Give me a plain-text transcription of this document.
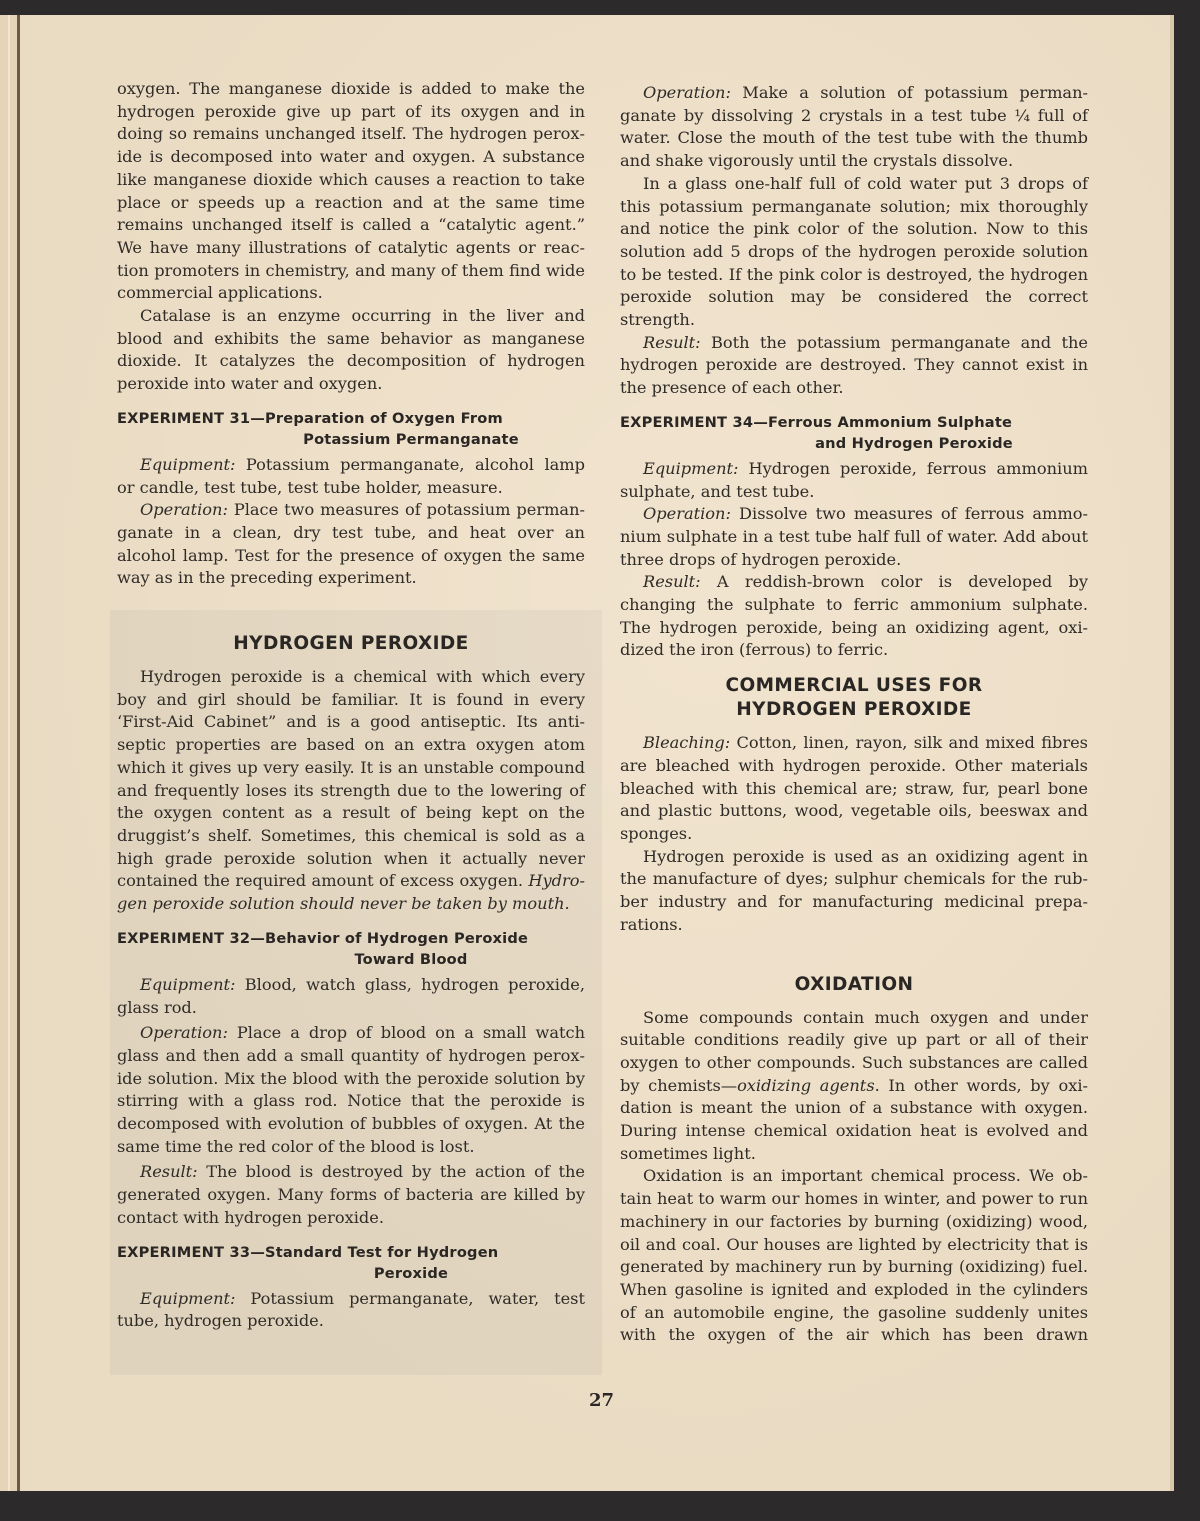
oxygen. The manganese dioxide is added to make the hydrogen peroxide give up part of its oxygen and in doing so remains unchanged itself. The hydrogen peroxide is decomposed into water and oxygen. A substance like manganese dioxide which causes a reaction to take place or speeds up a reaction and at the same time remains unchanged itself is called a “catalytic agent.” We have many illustrations of catalytic agents or reaction promoters in chemistry, and many of them find wide commercial applications.

Catalase is an enzyme occurring in the liver and blood and exhibits the same behavior as manganese dioxide. It catalyzes the decomposition of hydrogen peroxide into water and oxygen.

EXPERIMENT 31—Preparation of Oxygen From
Potassium Permanganate

Equipment: Potassium permanganate, alcohol lamp or candle, test tube, test tube holder, measure.

Operation: Place two measures of potassium permanganate in a clean, dry test tube, and heat over an alcohol lamp. Test for the presence of oxygen the same way as in the preceding experiment.

HYDROGEN PEROXIDE

Hydrogen peroxide is a chemical with which every boy and girl should be familiar. It is found in every ‘First-Aid Cabinet” and is a good antiseptic. Its antiseptic properties are based on an extra oxygen atom which it gives up very easily. It is an unstable compound and frequently loses its strength due to the lowering of the oxygen content as a result of being kept on the druggist’s shelf. Sometimes, this chemical is sold as a high grade peroxide solution when it actually never contained the required amount of excess oxygen. Hydrogen peroxide solution should never be taken by mouth.

EXPERIMENT 32—Behavior of Hydrogen Peroxide
Toward Blood

Equipment: Blood, watch glass, hydrogen peroxide, glass rod.

Operation: Place a drop of blood on a small watch glass and then add a small quantity of hydrogen peroxide solution. Mix the blood with the peroxide solution by stirring with a glass rod. Notice that the peroxide is decomposed with evolution of bubbles of oxygen. At the same time the red color of the blood is lost.

Result: The blood is destroyed by the action of the generated oxygen. Many forms of bacteria are killed by contact with hydrogen peroxide.

EXPERIMENT 33—Standard Test for Hydrogen
Peroxide

Equipment: Potassium permanganate, water, test tube, hydrogen peroxide.

Operation: Make a solution of potassium permanganate by dissolving 2 crystals in a test tube ¼ full of water. Close the mouth of the test tube with the thumb and shake vigorously until the crystals dissolve.

In a glass one-half full of cold water put 3 drops of this potassium permanganate solution; mix thoroughly and notice the pink color of the solution. Now to this solution add 5 drops of the hydrogen peroxide solution to be tested. If the pink color is destroyed, the hydrogen peroxide solution may be considered the correct strength.

Result: Both the potassium permanganate and the hydrogen peroxide are destroyed. They cannot exist in the presence of each other.

EXPERIMENT 34—Ferrous Ammonium Sulphate
and Hydrogen Peroxide

Equipment: Hydrogen peroxide, ferrous ammonium sulphate, and test tube.

Operation: Dissolve two measures of ferrous ammonium sulphate in a test tube half full of water. Add about three drops of hydrogen peroxide.

Result: A reddish-brown color is developed by changing the sulphate to ferric ammonium sulphate. The hydrogen peroxide, being an oxidizing agent, oxidized the iron (ferrous) to ferric.

COMMERCIAL USES FOR
HYDROGEN PEROXIDE

Bleaching: Cotton, linen, rayon, silk and mixed fibres are bleached with hydrogen peroxide. Other materials bleached with this chemical are; straw, fur, pearl bone and plastic buttons, wood, vegetable oils, beeswax and sponges.

Hydrogen peroxide is used as an oxidizing agent in the manufacture of dyes; sulphur chemicals for the rubber industry and for manufacturing medicinal preparations.

OXIDATION

Some compounds contain much oxygen and under suitable conditions readily give up part or all of their oxygen to other compounds. Such substances are called by chemists—oxidizing agents. In other words, by oxidation is meant the union of a substance with oxygen. During intense chemical oxidation heat is evolved and sometimes light.

Oxidation is an important chemical process. We obtain heat to warm our homes in winter, and power to run machinery in our factories by burning (oxidizing) wood, oil and coal. Our houses are lighted by electricity that is generated by machinery run by burning (oxidizing) fuel. When gasoline is ignited and exploded in the cylinders of an automobile engine, the gasoline suddenly unites with the oxygen of the air which has been drawn

27
